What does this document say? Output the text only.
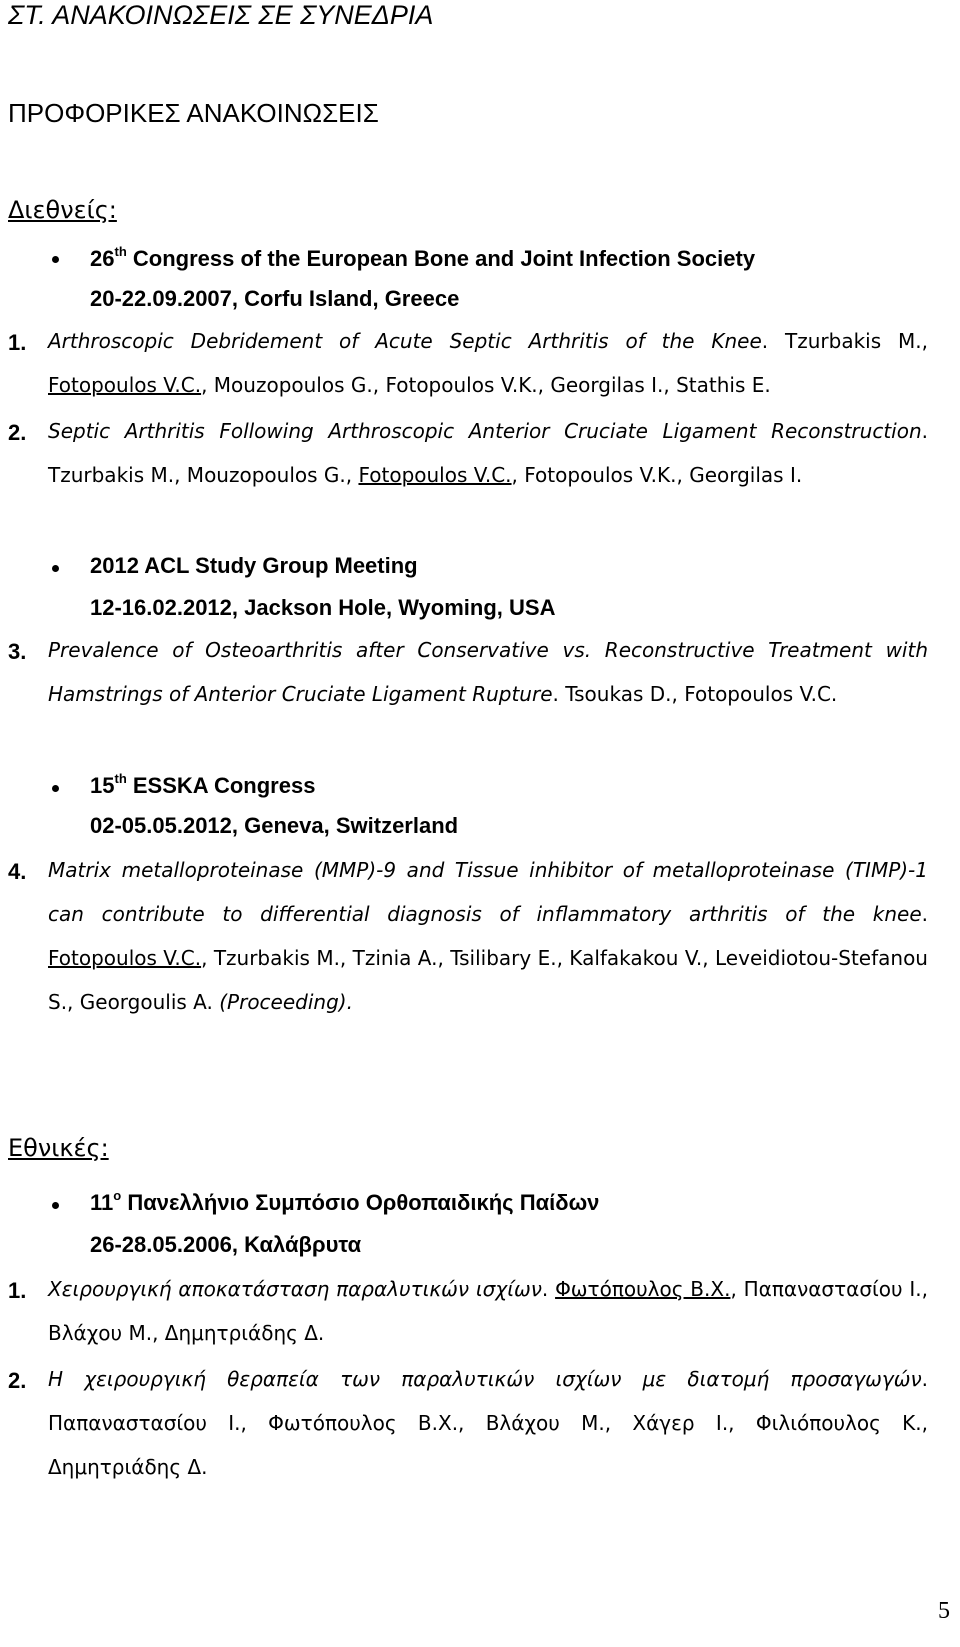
ΣΤ. ΑΝΑΚΟΙΝΩΣΕΙΣ ΣΕ ΣΥΝΕΔΡΙΑ
ΠΡΟΦΟΡΙΚΕΣ ΑΝΑΚΟΙΝΩΣΕΙΣ
Διεθνείς:
26th Congress of the European Bone and Joint Infection Society
20-22.09.2007, Corfu Island, Greece
1. Arthroscopic Debridement of Acute Septic Arthritis of the Knee. Tzurbakis M., Fotopoulos V.C., Mouzopoulos G., Fotopoulos V.K., Georgilas I., Stathis E.
2. Septic Arthritis Following Arthroscopic Anterior Cruciate Ligament Reconstruction. Tzurbakis M., Mouzopoulos G., Fotopoulos V.C., Fotopoulos V.K., Georgilas I.
2012 ACL Study Group Meeting
12-16.02.2012, Jackson Hole, Wyoming, USA
3. Prevalence of Osteoarthritis after Conservative vs. Reconstructive Treatment with Hamstrings of Anterior Cruciate Ligament Rupture. Tsoukas D., Fotopoulos V.C.
15th ESSKA Congress
02-05.05.2012, Geneva, Switzerland
4. Matrix metalloproteinase (MMP)-9 and Tissue inhibitor of metalloproteinase (TIMP)-1 can contribute to differential diagnosis of inflammatory arthritis of the knee. Fotopoulos V.C., Tzurbakis M., Tzinia A., Tsilibary E., Kalfakakou V., Leveidiotou-Stefanou S., Georgoulis A. (Proceeding).
Εθνικές:
11$^o$ Πανελλήνιο Συμπόσιο Ορθοπαιδικής Παίδων
26-28.05.2006, Καλάβρυτα
1. Χειρουργική αποκατάσταση παραλυτικών ισχίων. Φωτόπουλος Β.Χ., Παπαναστασίου Ι., Βλάχου Μ., Δημητριάδης Δ.
2. Η χειρουργική θεραπεία των παραλυτικών ισχίων με διατομή προσαγωγών. Παπαναστασίου Ι., Φωτόπουλος Β.Χ., Βλάχου Μ., Χάγερ Ι., Φιλιόπουλος Κ., Δημητριάδης Δ.
5
